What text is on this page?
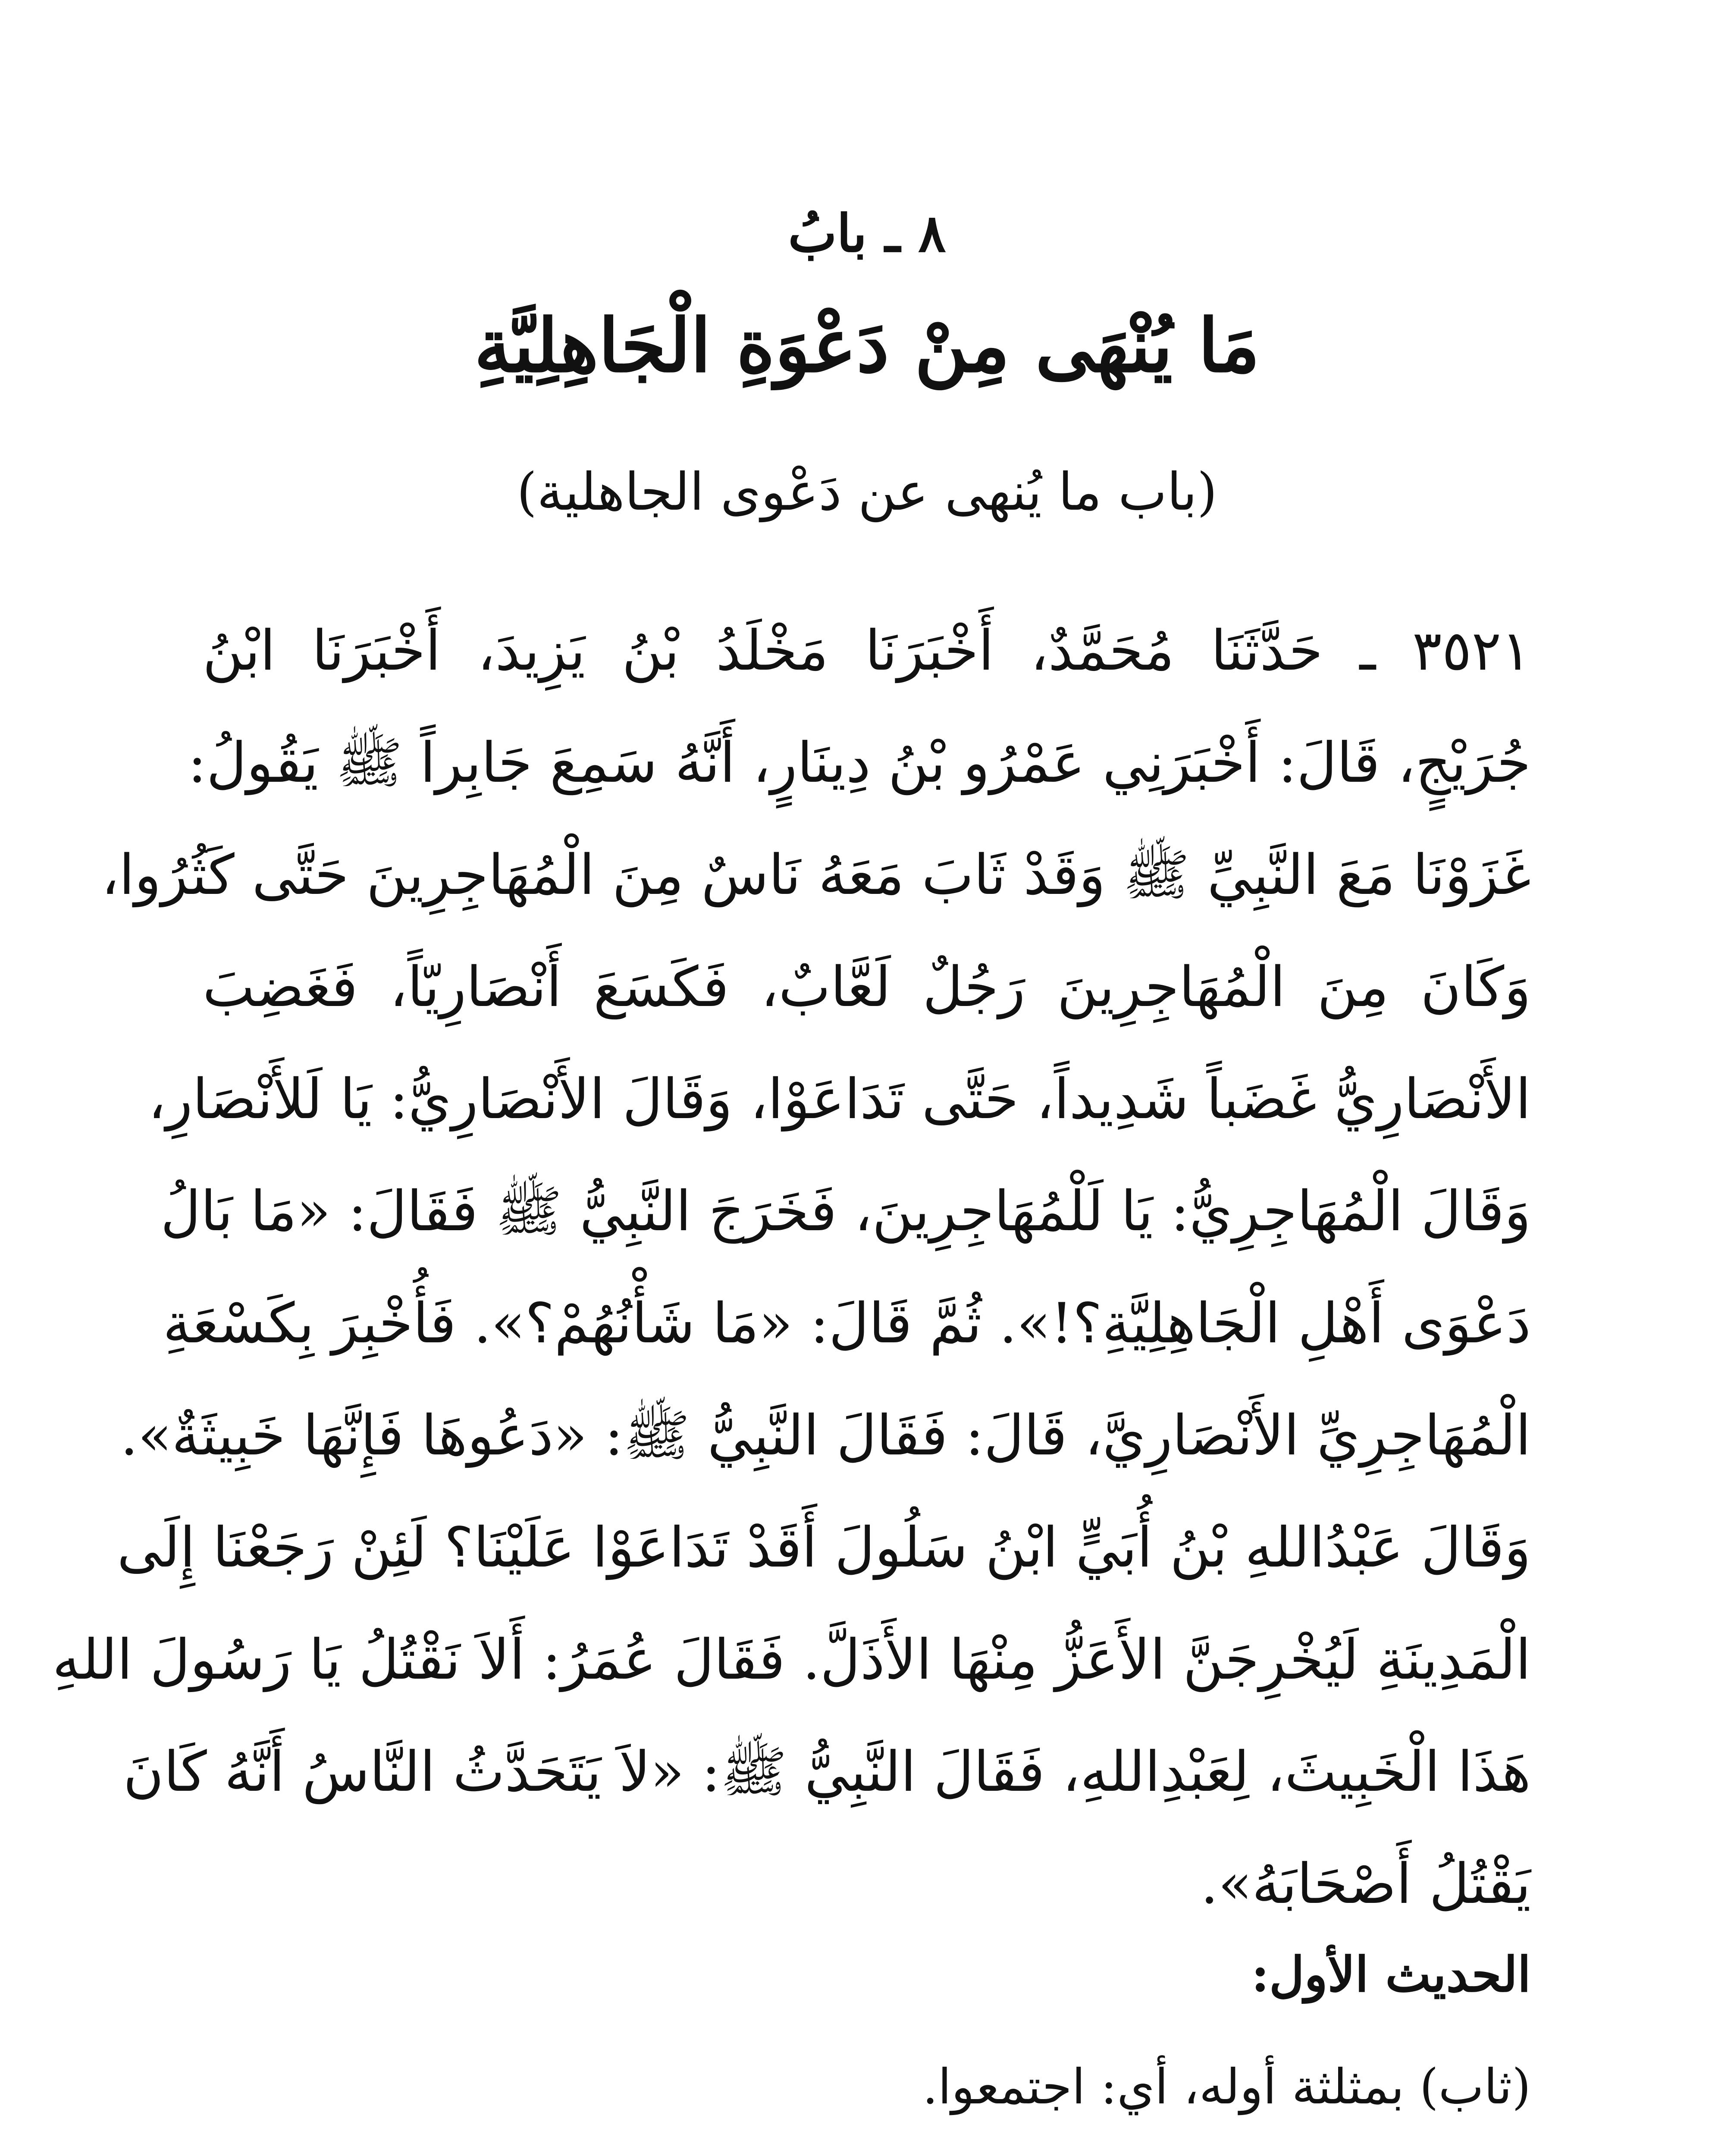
٨ ـ بابُ
مَا يُنْهَى مِنْ دَعْوَةِ الْجَاهِلِيَّةِ
(باب ما يُنهى عن دَعْوى الجاهلية)
٣٥٢١ ـ حَدَّثَنَا مُحَمَّدٌ، أَخْبَرَنَا مَخْلَدُ بْنُ يَزِيدَ، أَخْبَرَنَا ابْنُ
جُرَيْجٍ، قَالَ: أَخْبَرَنِي عَمْرُو بْنُ دِينَارٍ، أَنَّهُ سَمِعَ جَابِراً ﷺ يَقُولُ:
غَزَوْنَا مَعَ النَّبِيِّ ﷺ وَقَدْ ثَابَ مَعَهُ نَاسٌ مِنَ الْمُهَاجِرِينَ حَتَّى كَثُرُوا،
وَكَانَ مِنَ الْمُهَاجِرِينَ رَجُلٌ لَعَّابٌ، فَكَسَعَ أَنْصَارِيّاً، فَغَضِبَ
الأَنْصَارِيُّ غَضَباً شَدِيداً، حَتَّى تَدَاعَوْا، وَقَالَ الأَنْصَارِيُّ: يَا لَلأَنْصَارِ،
وَقَالَ الْمُهَاجِرِيُّ: يَا لَلْمُهَاجِرِينَ، فَخَرَجَ النَّبِيُّ ﷺ فَقَالَ: «مَا بَالُ
دَعْوَى أَهْلِ الْجَاهِلِيَّةِ؟!». ثُمَّ قَالَ: «مَا شَأْنُهُمْ؟». فَأُخْبِرَ بِكَسْعَةِ
الْمُهَاجِرِيِّ الأَنْصَارِيَّ، قَالَ: فَقَالَ النَّبِيُّ ﷺ: «دَعُوهَا فَإِنَّهَا خَبِيثَةٌ».
وَقَالَ عَبْدُاللهِ بْنُ أُبَيٍّ ابْنُ سَلُولَ أَقَدْ تَدَاعَوْا عَلَيْنَا؟ لَئِنْ رَجَعْنَا إِلَى
الْمَدِينَةِ لَيُخْرِجَنَّ الأَعَزُّ مِنْهَا الأَذَلَّ. فَقَالَ عُمَرُ: أَلاَ نَقْتُلُ يَا رَسُولَ اللهِ
هَذَا الْخَبِيثَ، لِعَبْدِاللهِ، فَقَالَ النَّبِيُّ ﷺ: «لاَ يَتَحَدَّثُ النَّاسُ أَنَّهُ كَانَ
يَقْتُلُ أَصْحَابَهُ».
الحديث الأول:
(ثاب) بمثلثة أوله، أي: اجتمعوا.
